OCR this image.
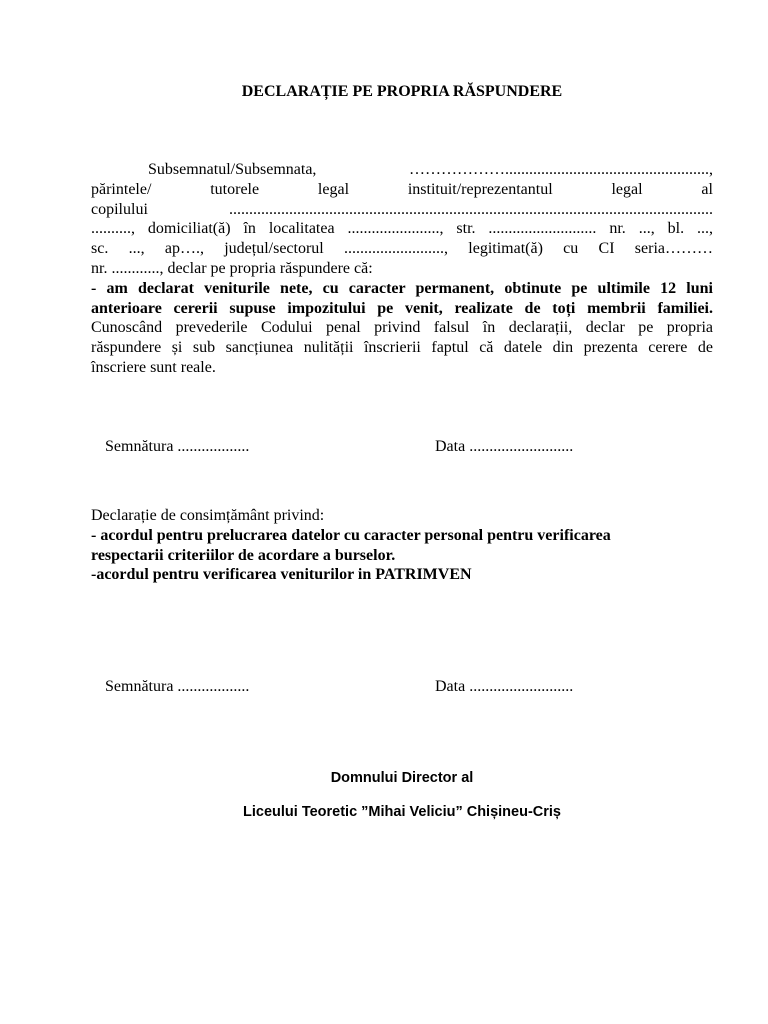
DECLARAȚIE PE PROPRIA RĂSPUNDERE
Subsemnatul/Subsemnata,	………………...................................................,
părintele/	tutorele	legal	instituit/reprezentantul	legal	al
copilului .........................................................................................................................
.........., domiciliat(ă) în localitatea ......................., str. ........................... nr. ..., bl. ...,
sc. ..., ap…., județul/sectorul ........................., legitimat(ă) cu CI seria………
nr. ............, declar pe propria răspundere că:
- am declarat veniturile nete, cu caracter permanent, obtinute pe ultimile 12 luni
anterioare cererii supuse impozitului pe venit, realizate de toți membrii familiei.
Cunoscând prevederile Codului penal privind falsul în declarații, declar pe propria
răspundere și sub sancțiunea nulității înscrierii faptul că datele din prezenta cerere de
înscriere sunt reale.
Semnătura ..................	Data ..........................
Declarație de consimțământ privind:
- acordul pentru prelucrarea datelor cu caracter personal pentru verificarea
respectarii criteriilor de acordare a burselor.
-acordul pentru verificarea veniturilor in PATRIMVEN
Semnătura ..................	Data ..........................
Domnului Director al
Liceului Teoretic ”Mihai Veliciu” Chișineu-Criș
